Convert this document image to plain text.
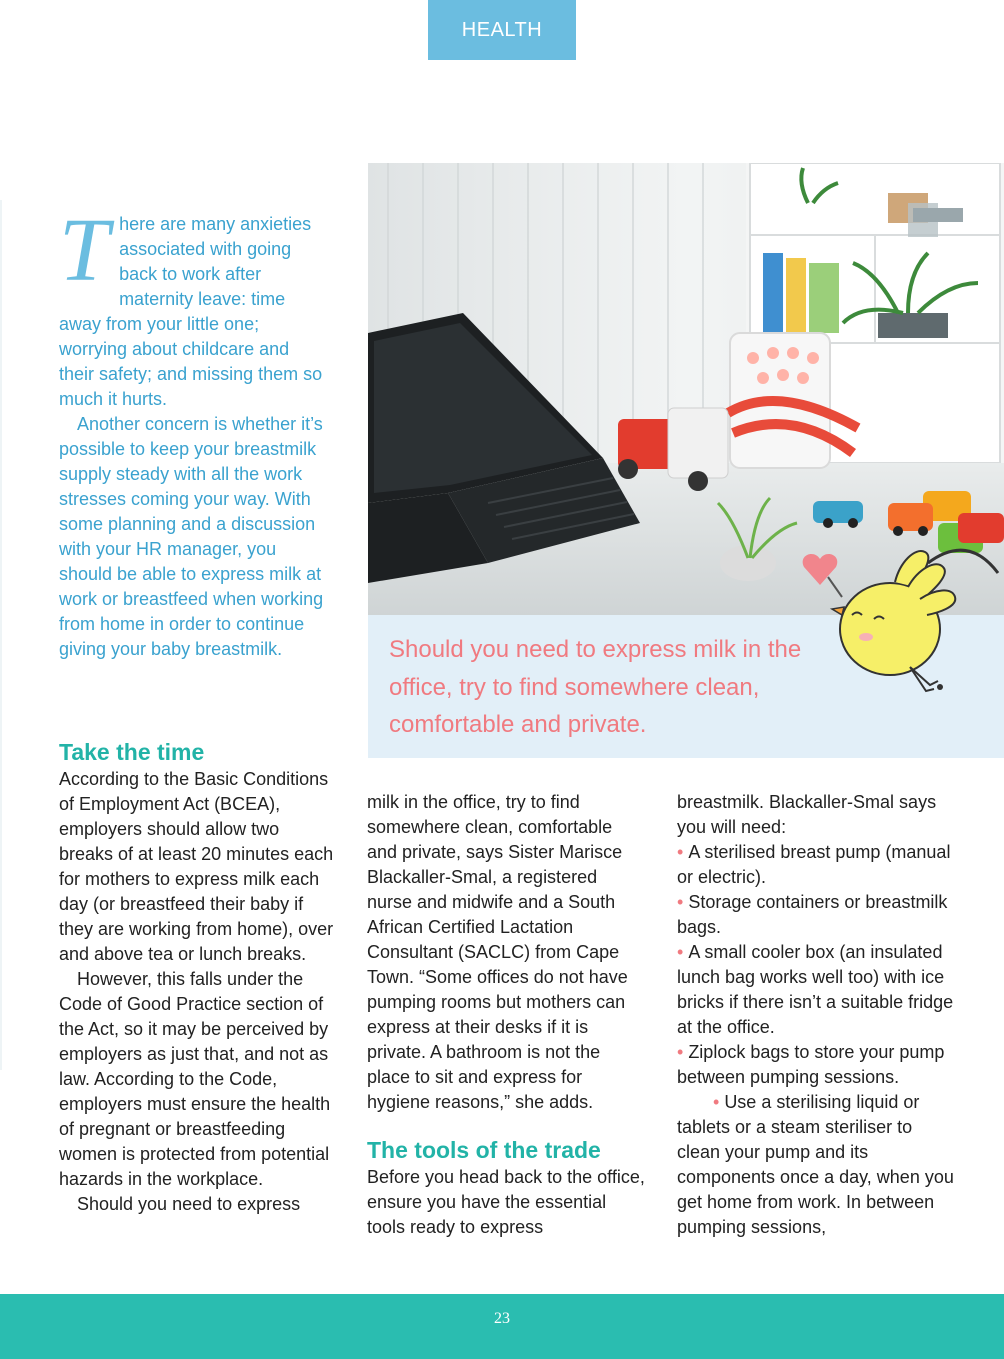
HEALTH

There are many anxieties associated with going back to work after maternity leave: time away from your little one; worrying about childcare and their safety; and missing them so much it hurts.

Another concern is whether it’s possible to keep your breastmilk supply steady with all the work stresses coming your way. With some planning and a discussion with your HR manager, you should be able to express milk at work or breastfeed when working from home in order to continue giving your baby breastmilk.	Should you need to express milk in the office, try to find somewhere clean, comfortable and private.
Take the time

According to the Basic Conditions of Employment Act (BCEA), employers should allow two breaks of at least 20 minutes each for mothers to express milk each day (or breastfeed their baby if they are working from home), over and above tea or lunch breaks.

However, this falls under the Code of Good Practice section of the Act, so it may be perceived by employers as just that, and not as law. According to the Code, employers must ensure the health of pregnant or breastfeeding women is protected from potential hazards in the workplace.

Should you need to express

milk in the office, try to find somewhere clean, comfortable and private, says Sister Marisce Blackaller-Smal, a registered nurse and midwife and a South African Certified Lactation Consultant (SACLC) from Cape Town. “Some offices do not have pumping rooms but mothers can express at their desks if it is private. A bathroom is not the place to sit and express for hygiene reasons,” she adds.

The tools of the trade

Before you head back to the office, ensure you have the essential tools ready to express

breastmilk. Blackaller-Smal says you will need:

• A sterilised breast pump (manual or electric).

• Storage containers or breastmilk bags.

• A small cooler box (an insulated lunch bag works well too) with ice bricks if there isn’t a suitable fridge at the office.

• Ziplock bags to store your pump between pumping sessions.

• Use a sterilising liquid or tablets or a steam steriliser to clean your pump and its components once a day, when you get home from work. In between pumping sessions,

23
